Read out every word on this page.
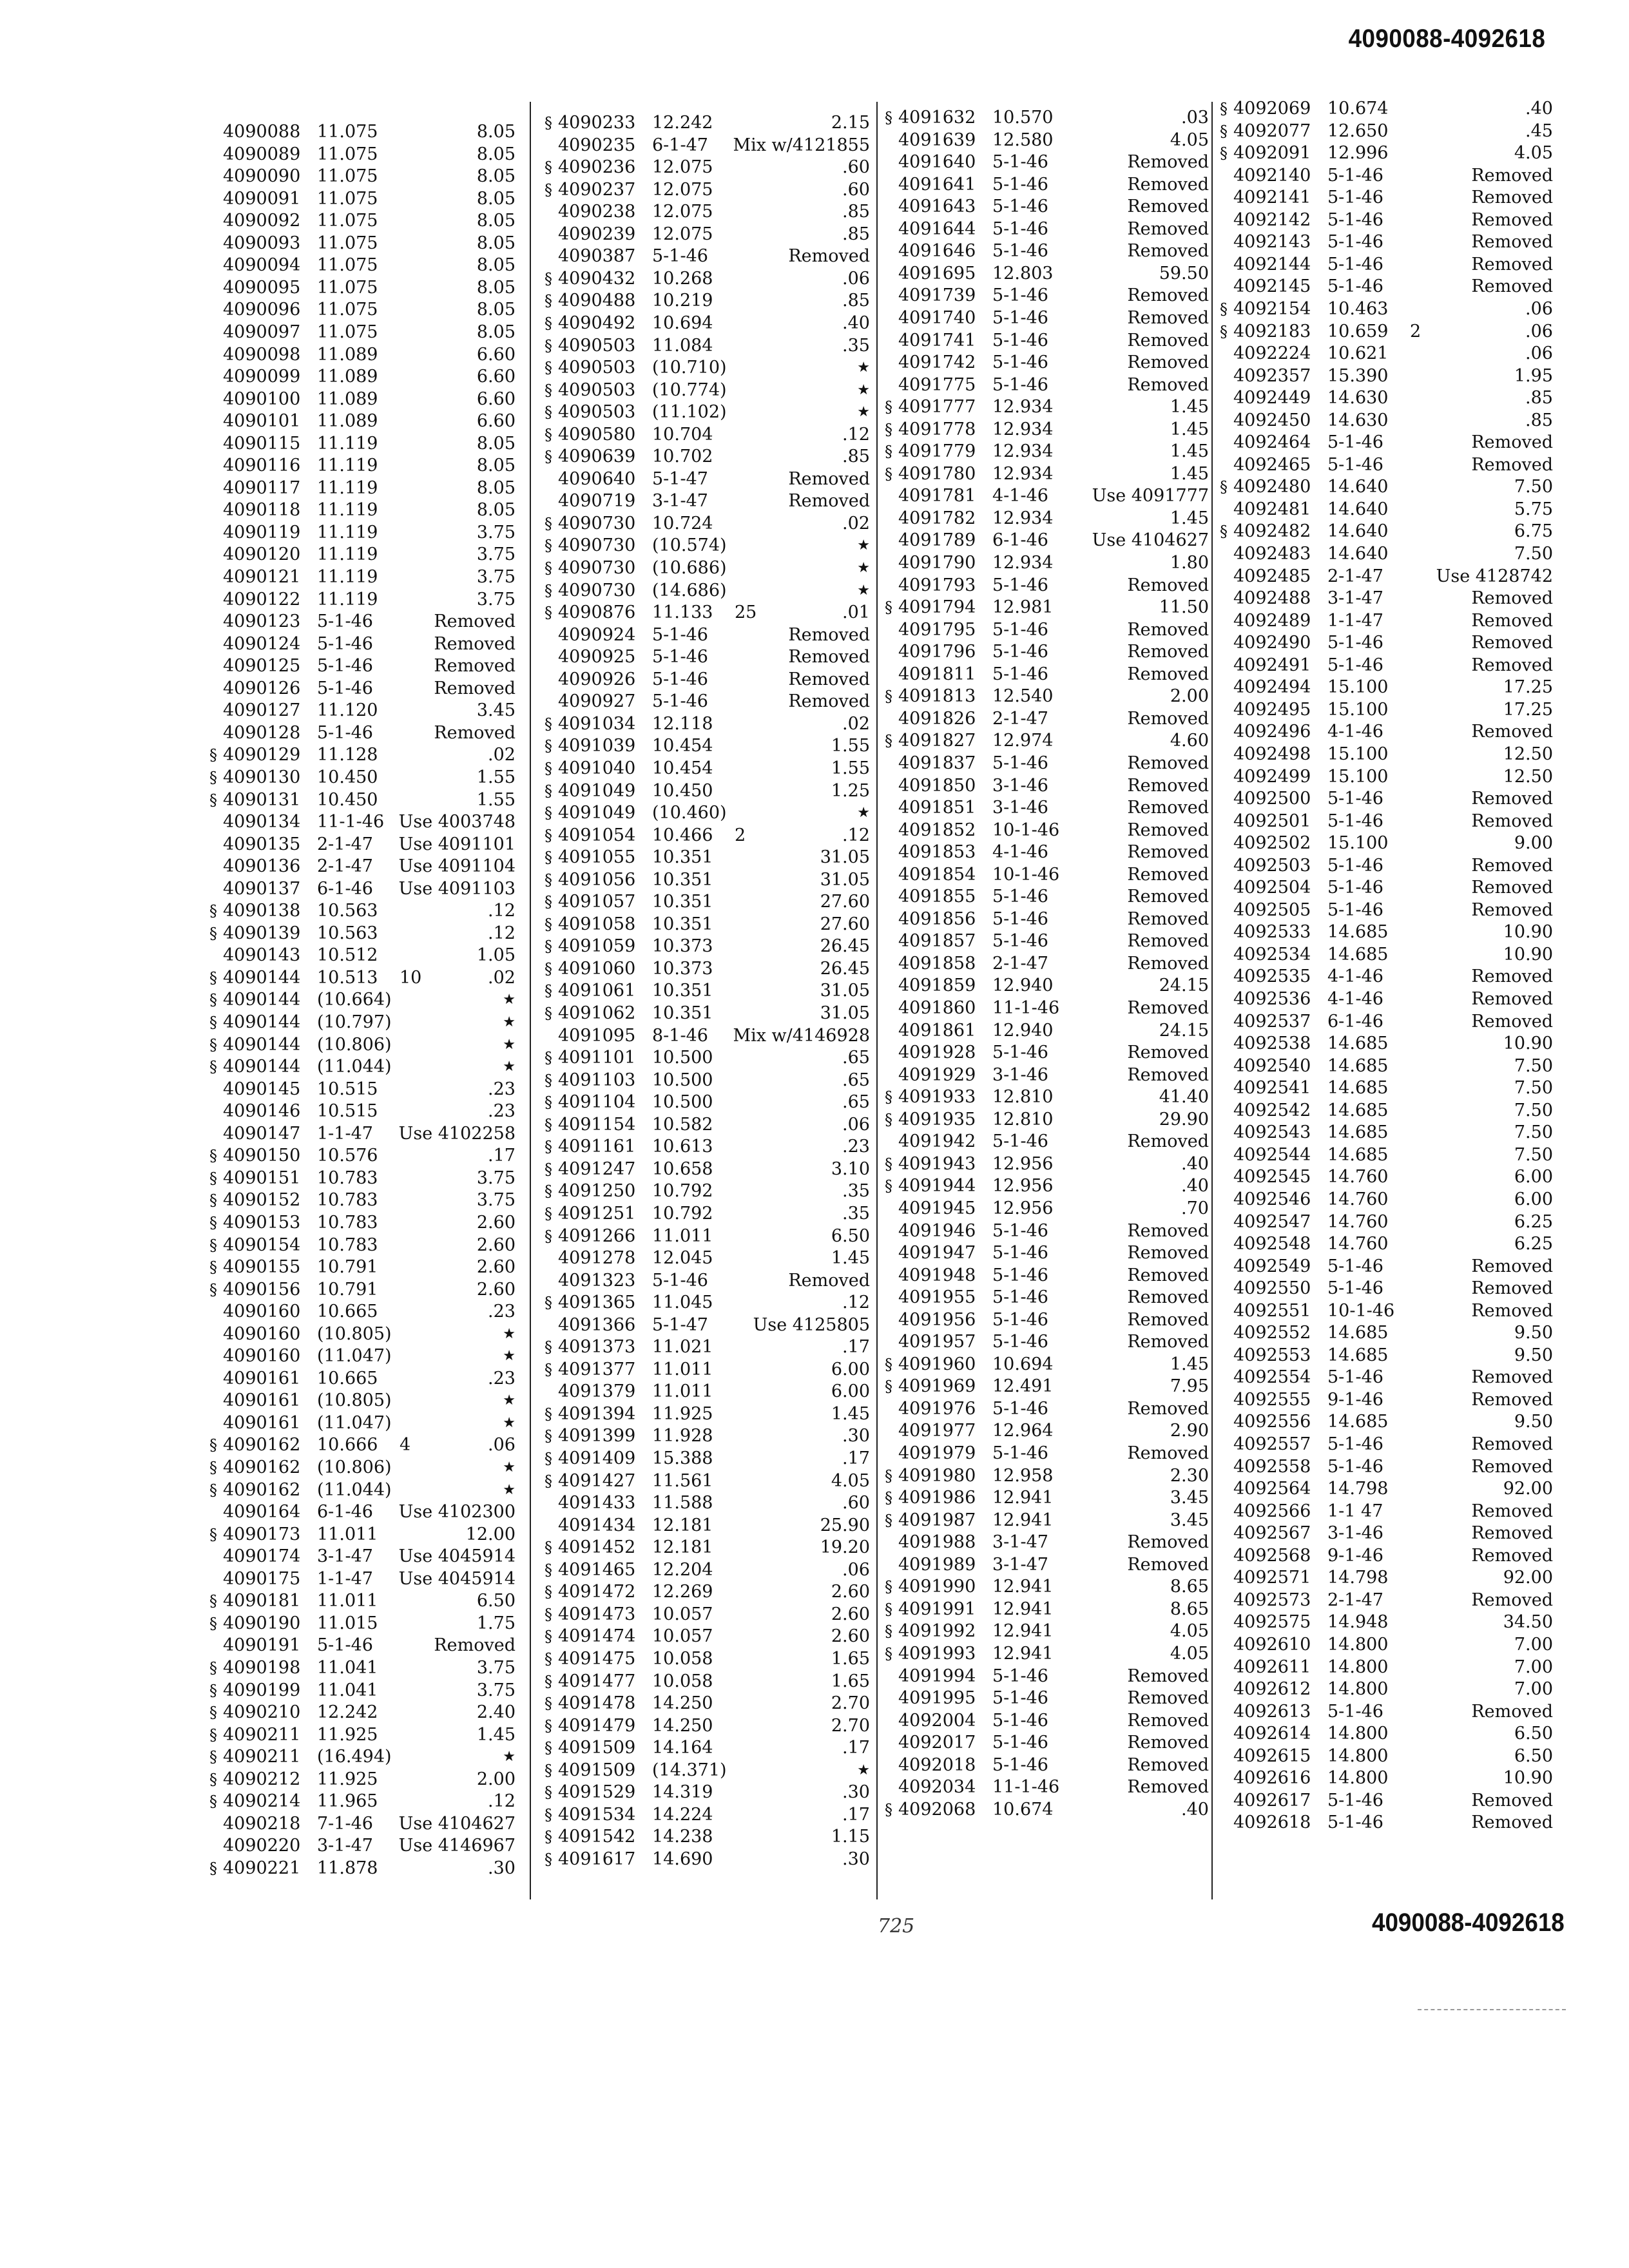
4090088-4092618
4090088 11.075	8.05
4090089 11.075	8.05
4090090 11.075	8.05
4090091 11.075	8.05
4090092 11.075	8.05
4090093 11.075	8.05
4090094 11.075	8.05
4090095 11.075	8.05
4090096 11.075	8.05
4090097 11.075	8.05
4090098 11.089	6.60
4090099 11.089	6.60
4090100 11.089	6.60
4090101 11.089	6.60
4090115 11.119	8.05
4090116 11.119	8.05
4090117 11.119	8.05
4090118 11.119	8.05
4090119 11.119	3.75
4090120 11.119	3.75
4090121 11.119	3.75
4090122 11.119	3.75
4090123 5-1-46	Removed
4090124 5-1-46	Removed
4090125 5-1-46	Removed
4090126 5-1-46	Removed
4090127 11.120	3.45
4090128 5-1-46	Removed
§ 4090129 11.128	.02
§ 4090130 10.450	1.55
§ 4090131 10.450	1.55
4090134 11-1-46 Use 4003748
4090135 2-1-47 Use 4091101
4090136 2-1-47 Use 4091104
4090137 6-1-46 Use 4091103
§ 4090138 10.563	.12
§ 4090139 10.563	.12
4090143 10.512	1.05
§ 4090144 10.513 10	.02
§ 4090144 (10.664)	★
§ 4090144 (10.797)	★
§ 4090144 (10.806)	★
§ 4090144 (11.044)	★
4090145 10.515	.23
4090146 10.515	.23
4090147 1-1-47 Use 4102258
§ 4090150 10.576	.17
§ 4090151 10.783	3.75
§ 4090152 10.783	3.75
§ 4090153 10.783	2.60
§ 4090154 10.783	2.60
§ 4090155 10.791	2.60
§ 4090156 10.791	2.60
4090160 10.665	.23
4090160 (10.805)	★
4090160 (11.047)	★
4090161 10.665	.23
4090161 (10.805)	★
4090161 (11.047)	★
§ 4090162 10.666 4	.06
§ 4090162 (10.806)	★
§ 4090162 (11.044)	★
4090164 6-1-46 Use 4102300
§ 4090173 11.011	12.00
4090174 3-1-47 Use 4045914
4090175 1-1-47 Use 4045914
§ 4090181 11.011	6.50
§ 4090190 11.015	1.75
4090191 5-1-46	Removed
§ 4090198 11.041	3.75
§ 4090199 11.041	3.75
§ 4090210 12.242	2.40
§ 4090211 11.925	1.45
§ 4090211 (16.494)	★
§ 4090212 11.925	2.00
§ 4090214 11.965	.12
4090218 7-1-46 Use 4104627
4090220 3-1-47 Use 4146967
§ 4090221 11.878	.30
§ 4090233 12.242	2.15
4090235 6-1-47 Mix w/4121855
§ 4090236 12.075	.60
§ 4090237 12.075	.60
4090238 12.075	.85
4090239 12.075	.85
4090387 5-1-46	Removed
§ 4090432 10.268	.06
§ 4090488 10.219	.85
§ 4090492 10.694	.40
§ 4090503 11.084	.35
§ 4090503 (10.710)	★
§ 4090503 (10.774)	★
§ 4090503 (11.102)	★
§ 4090580 10.704	.12
§ 4090639 10.702	.85
4090640 5-1-47	Removed
4090719 3-1-47	Removed
§ 4090730 10.724	.02
§ 4090730 (10.574)	★
§ 4090730 (10.686)	★
§ 4090730 (14.686)	★
§ 4090876 11.133 25	.01
4090924 5-1-46	Removed
4090925 5-1-46	Removed
4090926 5-1-46	Removed
4090927 5-1-46	Removed
§ 4091034 12.118	.02
§ 4091039 10.454	1.55
§ 4091040 10.454	1.55
§ 4091049 10.450	1.25
§ 4091049 (10.460)	★
§ 4091054 10.466 2	.12
§ 4091055 10.351	31.05
§ 4091056 10.351	31.05
§ 4091057 10.351	27.60
§ 4091058 10.351	27.60
§ 4091059 10.373	26.45
§ 4091060 10.373	26.45
§ 4091061 10.351	31.05
§ 4091062 10.351	31.05
4091095 8-1-46 Mix w/4146928
§ 4091101 10.500	.65
§ 4091103 10.500	.65
§ 4091104 10.500	.65
§ 4091154 10.582	.06
§ 4091161 10.613	.23
§ 4091247 10.658	3.10
§ 4091250 10.792	.35
§ 4091251 10.792	.35
§ 4091266 11.011	6.50
4091278 12.045	1.45
4091323 5-1-46	Removed
§ 4091365 11.045	.12
4091366 5-1-47	Use 4125805
§ 4091373 11.021	.17
§ 4091377 11.011	6.00
4091379 11.011	6.00
§ 4091394 11.925	1.45
§ 4091399 11.928	.30
§ 4091409 15.388	.17
§ 4091427 11.561	4.05
4091433 11.588	.60
4091434 12.181	25.90
§ 4091452 12.181	19.20
§ 4091465 12.204	.06
§ 4091472 12.269	2.60
§ 4091473 10.057	2.60
§ 4091474 10.057	2.60
§ 4091475 10.058	1.65
§ 4091477 10.058	1.65
§ 4091478 14.250	2.70
§ 4091479 14.250	2.70
§ 4091509 14.164	.17
§ 4091509 (14.371)	★
§ 4091529 14.319	.30
§ 4091534 14.224	.17
§ 4091542 14.238	1.15
§ 4091617 14.690	.30
§ 4091632 10.570	.03
4091639 12.580	4.05
4091640 5-1-46	Removed
4091641 5-1-46	Removed
4091643 5-1-46	Removed
4091644 5-1-46	Removed
4091646 5-1-46	Removed
4091695 12.803	59.50
4091739 5-1-46	Removed
4091740 5-1-46	Removed
4091741 5-1-46	Removed
4091742 5-1-46	Removed
4091775 5-1-46	Removed
§ 4091777 12.934	1.45
§ 4091778 12.934	1.45
§ 4091779 12.934	1.45
§ 4091780 12.934	1.45
4091781 4-1-46	Use 4091777
4091782 12.934	1.45
4091789 6-1-46	Use 4104627
4091790 12.934	1.80
4091793 5-1-46	Removed
§ 4091794 12.981	11.50
4091795 5-1-46	Removed
4091796 5-1-46	Removed
4091811 5-1-46	Removed
§ 4091813 12.540	2.00
4091826 2-1-47	Removed
§ 4091827 12.974	4.60
4091837 5-1-46	Removed
4091850 3-1-46	Removed
4091851 3-1-46	Removed
4091852 10-1-46	Removed
4091853 4-1-46	Removed
4091854 10-1-46	Removed
4091855 5-1-46	Removed
4091856 5-1-46	Removed
4091857 5-1-46	Removed
4091858 2-1-47	Removed
4091859 12.940	24.15
4091860 11-1-46	Removed
4091861 12.940	24.15
4091928 5-1-46	Removed
4091929 3-1-46	Removed
§ 4091933 12.810	41.40
§ 4091935 12.810	29.90
4091942 5-1-46	Removed
§ 4091943 12.956	.40
§ 4091944 12.956	.40
4091945 12.956	.70
4091946 5-1-46	Removed
4091947 5-1-46	Removed
4091948 5-1-46	Removed
4091955 5-1-46	Removed
4091956 5-1-46	Removed
4091957 5-1-46	Removed
§ 4091960 10.694	1.45
§ 4091969 12.491	7.95
4091976 5-1-46	Removed
4091977 12.964	2.90
4091979 5-1-46	Removed
§ 4091980 12.958	2.30
§ 4091986 12.941	3.45
§ 4091987 12.941	3.45
4091988 3-1-47	Removed
4091989 3-1-47	Removed
§ 4091990 12.941	8.65
§ 4091991 12.941	8.65
§ 4091992 12.941	4.05
§ 4091993 12.941	4.05
4091994 5-1-46	Removed
4091995 5-1-46	Removed
4092004 5-1-46	Removed
4092017 5-1-46	Removed
4092018 5-1-46	Removed
4092034 11-1-46	Removed
§ 4092068 10.674	.40
§ 4092069 10.674	.40
§ 4092077 12.650	.45
§ 4092091 12.996	4.05
4092140 5-1-46	Removed
4092141 5-1-46	Removed
4092142 5-1-46	Removed
4092143 5-1-46	Removed
4092144 5-1-46	Removed
4092145 5-1-46	Removed
§ 4092154 10.463	.06
§ 4092183 10.659 2	.06
4092224 10.621	.06
4092357 15.390	1.95
4092449 14.630	.85
4092450 14.630	.85
4092464 5-1-46	Removed
4092465 5-1-46	Removed
§ 4092480 14.640	7.50
4092481 14.640	5.75
§ 4092482 14.640	6.75
4092483 14.640	7.50
4092485 2-1-47	Use 4128742
4092488 3-1-47	Removed
4092489 1-1-47	Removed
4092490 5-1-46	Removed
4092491 5-1-46	Removed
4092494 15.100	17.25
4092495 15.100	17.25
4092496 4-1-46	Removed
4092498 15.100	12.50
4092499 15.100	12.50
4092500 5-1-46	Removed
4092501 5-1-46	Removed
4092502 15.100	9.00
4092503 5-1-46	Removed
4092504 5-1-46	Removed
4092505 5-1-46	Removed
4092533 14.685	10.90
4092534 14.685	10.90
4092535 4-1-46	Removed
4092536 4-1-46	Removed
4092537 6-1-46	Removed
4092538 14.685	10.90
4092540 14.685	7.50
4092541 14.685	7.50
4092542 14.685	7.50
4092543 14.685	7.50
4092544 14.685	7.50
4092545 14.760	6.00
4092546 14.760	6.00
4092547 14.760	6.25
4092548 14.760	6.25
4092549 5-1-46	Removed
4092550 5-1-46	Removed
4092551 10-1-46	Removed
4092552 14.685	9.50
4092553 14.685	9.50
4092554 5-1-46	Removed
4092555 9-1-46	Removed
4092556 14.685	9.50
4092557 5-1-46	Removed
4092558 5-1-46	Removed
4092564 14.798	92.00
4092566 1-1 47	Removed
4092567 3-1-46	Removed
4092568 9-1-46	Removed
4092571 14.798	92.00
4092573 2-1-47	Removed
4092575 14.948	34.50
4092610 14.800	7.00
4092611 14.800	7.00
4092612 14.800	7.00
4092613 5-1-46	Removed
4092614 14.800	6.50
4092615 14.800	6.50
4092616 14.800	10.90
4092617 5-1-46	Removed
4092618 5-1-46	Removed
725	4090088-4092618
